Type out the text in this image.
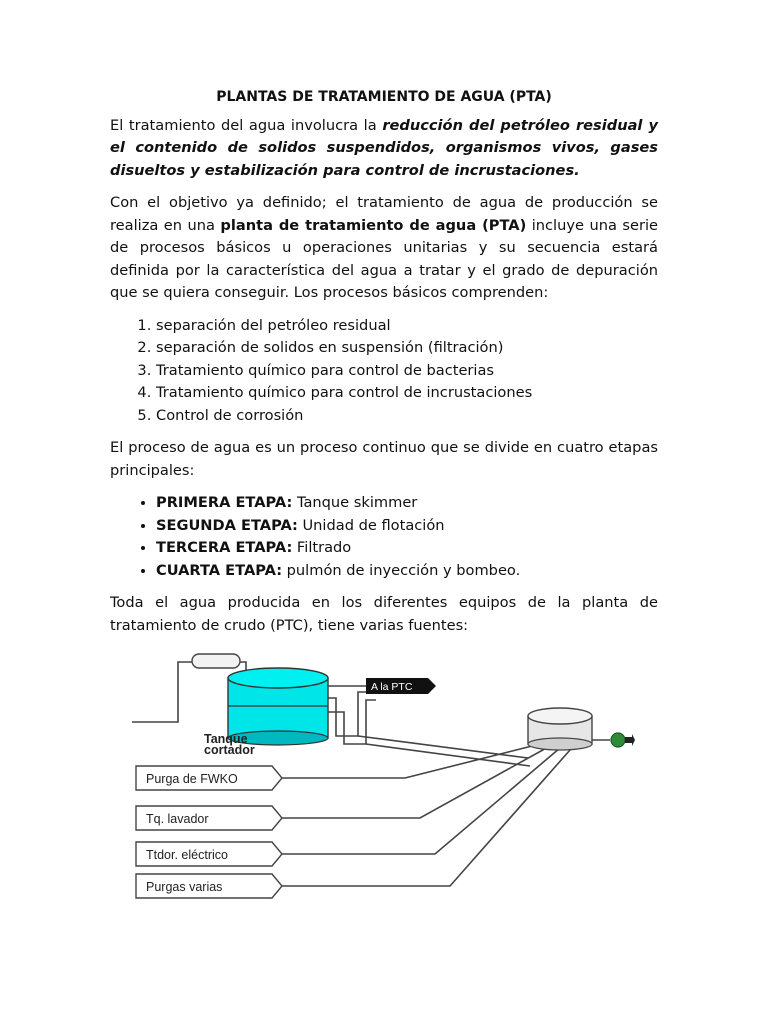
PLANTAS DE TRATAMIENTO DE AGUA (PTA)

El tratamiento del agua involucra la reducción del petróleo residual y el contenido de solidos suspendidos, organismos vivos, gases disueltos y estabilización para control de incrustaciones.

Con el objetivo ya definido; el tratamiento de agua de producción se realiza en una planta de tratamiento de agua (PTA) incluye una serie de procesos básicos u operaciones unitarias y su secuencia estará definida por la característica del agua a tratar y el grado de depuración que se quiera conseguir. Los procesos básicos comprenden:

1. separación del petróleo residual
2. separación de solidos en suspensión (filtración)
3. Tratamiento químico para control de bacterias
4. Tratamiento químico para control de incrustaciones
5. Control de corrosión

El proceso de agua es un proceso continuo que se divide en cuatro etapas principales:

• PRIMERA ETAPA: Tanque skimmer
• SEGUNDA ETAPA: Unidad de flotación
• TERCERA ETAPA: Filtrado
• CUARTA ETAPA: pulmón de inyección y bombeo.

Toda el agua producida en los diferentes equipos de la planta de tratamiento de crudo (PTC), tiene varias fuentes:

Tanque
cortador
A la PTC
Purga de FWKO
Tq. lavador
Ttdor. eléctrico
Purgas varias
